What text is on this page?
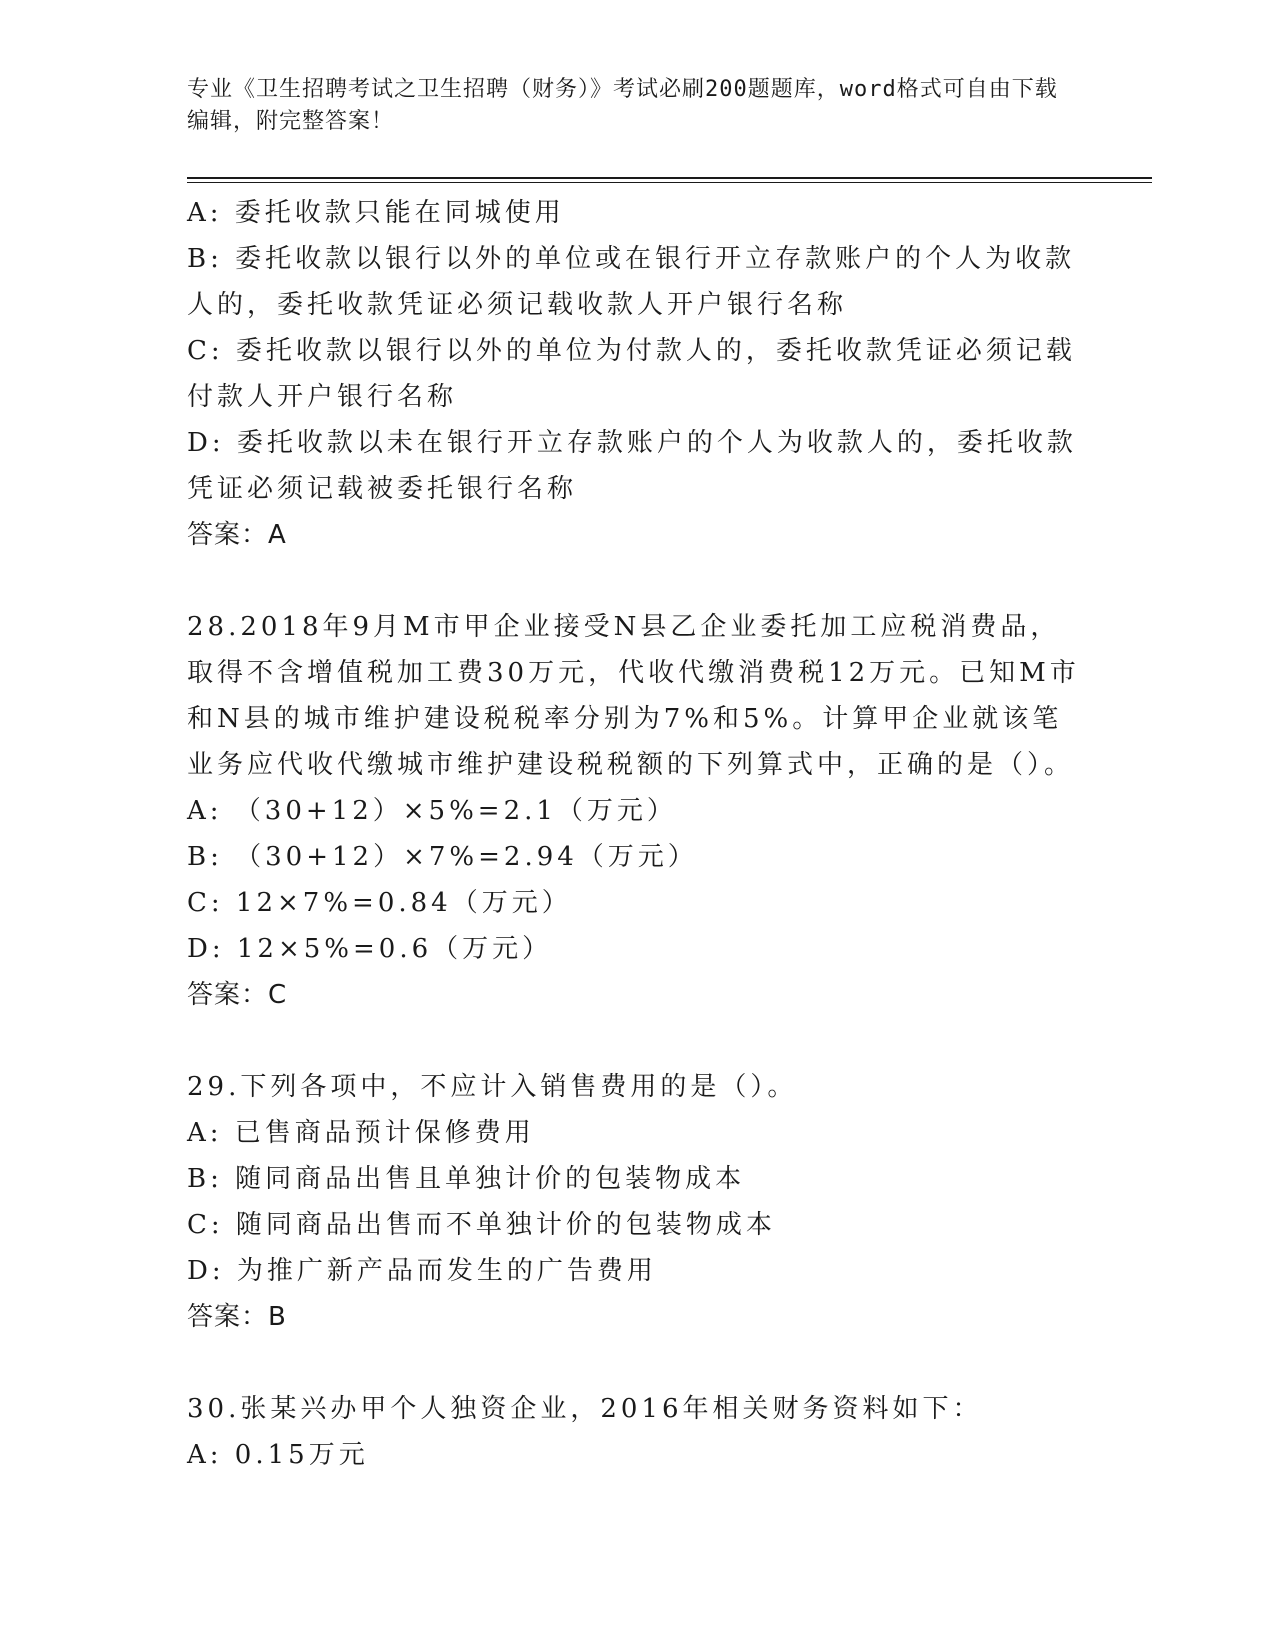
专业《卫生招聘考试之卫生招聘（财务）》考试必刷200题题库，word格式可自由下载编辑，附完整答案！

A: 委托收款只能在同城使用

B: 委托收款以银行以外的单位或在银行开立存款账户的个人为收款人的，委托收款凭证必须记载收款人开户银行名称

C: 委托收款以银行以外的单位为付款人的，委托收款凭证必须记载付款人开户银行名称

D: 委托收款以未在银行开立存款账户的个人为收款人的，委托收款凭证必须记载被委托银行名称

答案：A

28.2018年9月M市甲企业接受N县乙企业委托加工应税消费品，取得不含增值税加工费30万元，代收代缴消费税12万元。已知M市和N县的城市维护建设税税率分别为7%和5%。计算甲企业就该笔业务应代收代缴城市维护建设税税额的下列算式中，正确的是（）。

A: （30+12）×5%=2.1（万元）

B: （30+12）×7%=2.94（万元）

C: 12×7%=0.84（万元）

D: 12×5%=0.6（万元）

答案：C

29.下列各项中，不应计入销售费用的是（）。

A: 已售商品预计保修费用

B: 随同商品出售且单独计价的包装物成本

C: 随同商品出售而不单独计价的包装物成本

D: 为推广新产品而发生的广告费用

答案：B

30.张某兴办甲个人独资企业，2016年相关财务资料如下：

A: 0.15万元
